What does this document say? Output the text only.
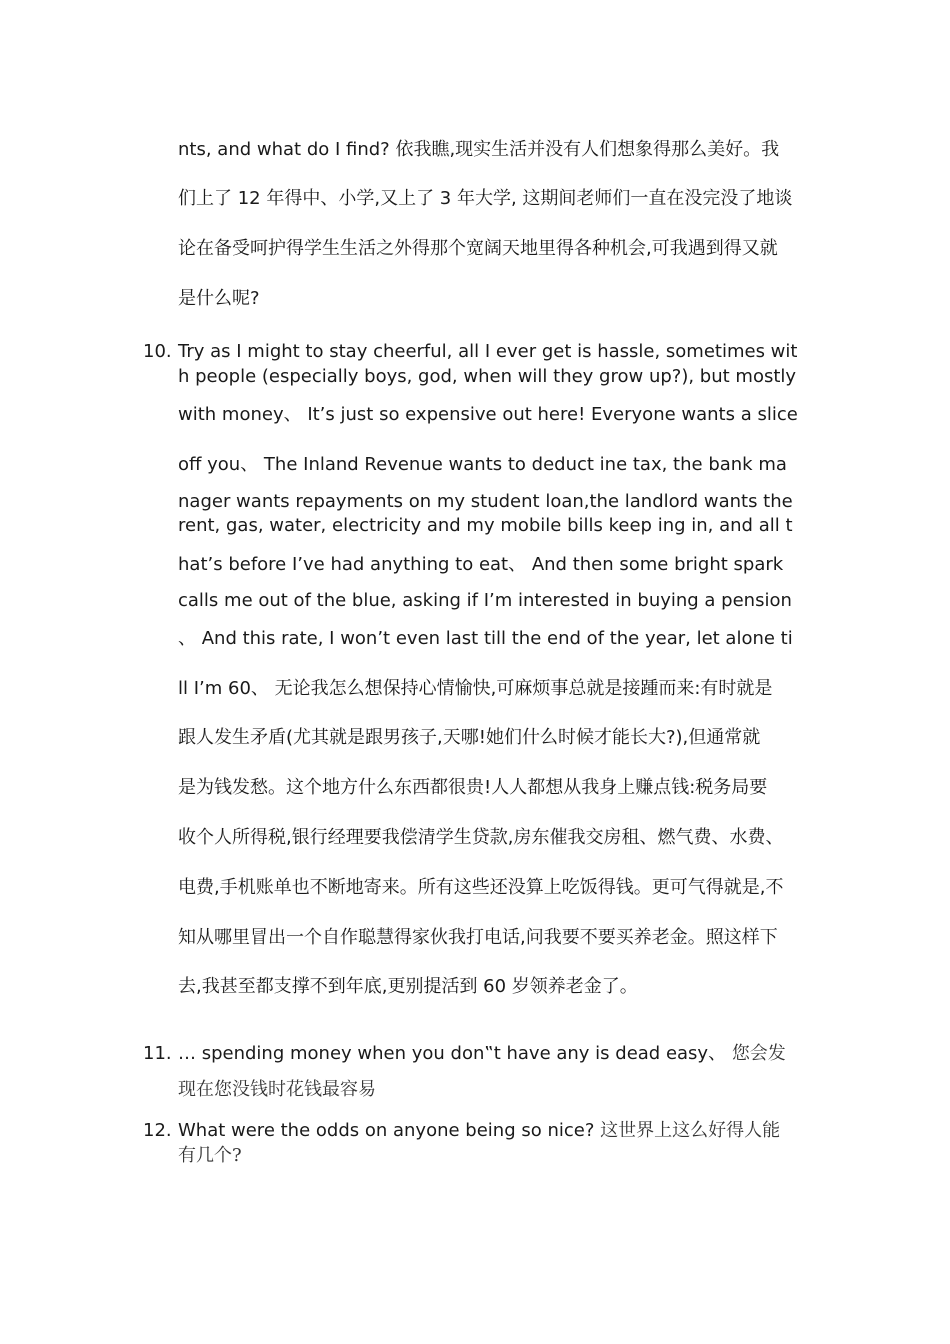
nts, and what do I find? 依我瞧,现实生活并没有人们想象得那么美好。我

们上了 12 年得中、小学,又上了 3 年大学, 这期间老师们一直在没完没了地谈

论在备受呵护得学生生活之外得那个宽阔天地里得各种机会,可我遇到得又就

是什么呢?

10. Try as I might to stay cheerful, all I ever get is hassle, sometimes wit

h people (especially boys, god, when will they grow up?), but mostly

with money、 It’s just so expensive out here! Everyone wants a slice

off you、 The Inland Revenue wants to deduct ine tax, the bank ma

nager wants repayments on my student loan,the landlord wants the

rent, gas, water, electricity and my mobile bills keep ing in, and all t

hat’s before I’ve had anything to eat、 And then some bright spark

calls me out of the blue, asking if I’m interested in buying a pension

、 And this rate, I won’t even last till the end of the year, let alone ti

ll I’m 60、 无论我怎么想保持心情愉快,可麻烦事总就是接踵而来:有时就是

跟人发生矛盾(尤其就是跟男孩子,天哪!她们什么时候才能长大?),但通常就

是为钱发愁。这个地方什么东西都很贵!人人都想从我身上赚点钱:税务局要

收个人所得税,银行经理要我偿清学生贷款,房东催我交房租、燃气费、水费、

电费,手机账单也不断地寄来。所有这些还没算上吃饭得钱。更可气得就是,不

知从哪里冒出一个自作聪慧得家伙我打电话,问我要不要买养老金。照这样下

去,我甚至都支撑不到年底,更别提活到 60 岁领养老金了。

11. … spending money when you don‟t have any is dead easy、 您会发

现在您没钱时花钱最容易

12. What were the odds on anyone being so nice? 这世界上这么好得人能

有几个?
